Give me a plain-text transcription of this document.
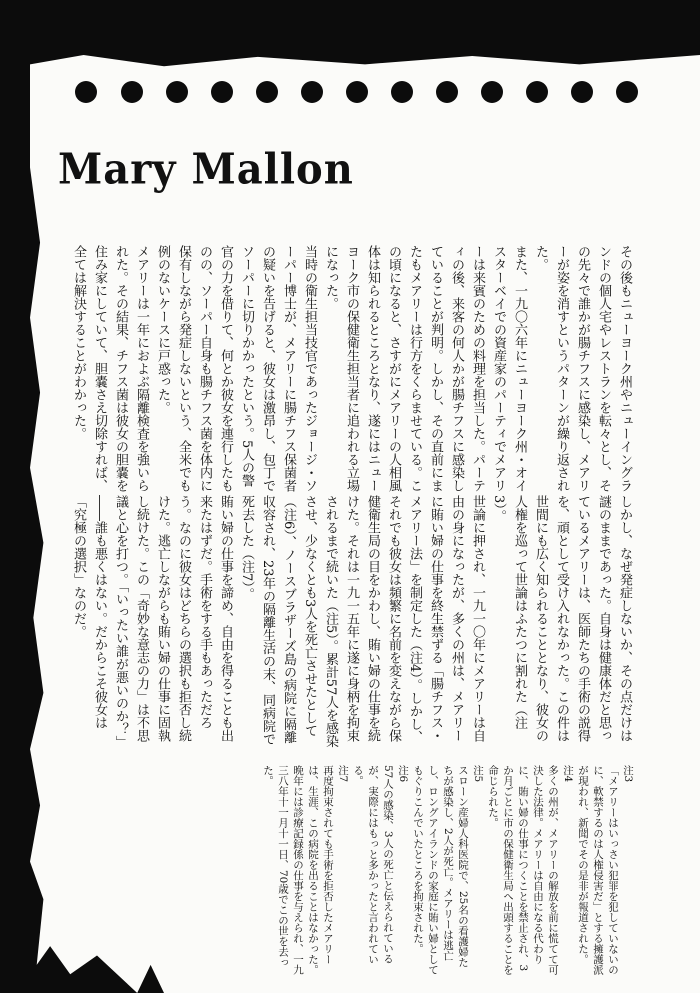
Mary Mallon

その後もニューヨーク州やニューイングランドの個人宅やレストランを転々とし、その先々で誰かが腸チフスに感染し、メアリーが姿を消すというパターンが繰り返された。

また、一九〇六年にニューヨーク州・オイスターベイでの資産家のパーティでメアリーは来賓のための料理を担当した。パーティの後、来客の何人かが腸チフスに感染していることが判明。しかし、その直前にまたもメアリーは行方をくらませている。この頃になると、さすがにメアリーの人相風体は知られるところとなり、遂にはニューヨーク市の保健衛生担当者に追われる立場になった。

当時の衛生担当技官であったジョージ・ソーパー博士が、メアリーに腸チフス保菌者の疑いを告げると、彼女は激昂し、包丁でソーパーに切りかかったという。5人の警官の力を借りて、何とか彼女を連行したものの、ソーパー自身も腸チフス菌を体内に保有しながら発症しないという、全米でも例のないケースに戸惑った。

メアリーは一年におよぶ隔離検査を強いられた。その結果、チフス菌は彼女の胆嚢を住み家にしていて、胆嚢さえ切除すれば、全ては解決することがわかった。

しかし、なぜ発症しないか、その点だけは謎のままであった。自身は健康体だと思っているメアリーは、医師たちの手術の説得を、頑として受け入れなかった。この件は世間にも広く知られることとなり、彼女の人権を巡って世論はふたつに割れた（注3）。

世論に押され、一九一〇年にメアリーは自由の身になったが、多くの州は、メアリーに賄い婦の仕事を終生禁ずる「腸チフス・メアリー法」を制定した（注4）。しかし、それでも彼女は頻繁に名前を変えながら保健衛生局の目をかわし、賄い婦の仕事を続けた。それは一九一五年に遂に身柄を拘束されるまで続いた（注5）。累計57人を感染させ、少なくとも3人を死亡させたとして（注6）、ノースブラザーズ島の病院に隔離収容され、23年の隔離生活の末、同病院で死去した（注7）。

賄い婦の仕事を諦め、自由を得ることも出来たはずだ。手術をする手もあっただろう。なのに彼女はどちらの選択も拒否し続けた。逃亡しながらも賄い婦の仕事に固執し続けた。この「奇妙な意志の力」は不思議と心を打つ。「いったい誰が悪いのか？」――誰も悪くはない。だからこそ彼女は「究極の選択」なのだ。

注3
「メアリーはいっさい犯罪を犯していないのに、軟禁するのは人権侵害だ」とする擁護派が現われ、新聞でその是非が報道された。

注4
多くの州が、メアリーの解放を前に慌てて可決した法律。メアリーは自由になる代わりに、賄い婦の仕事につくことを禁止され、3か月ごとに市の保健衛生局へ出頭することを命じられた。

注5
スローン産婦人科医院で、25名の看護婦たちが感染し、2人が死亡。メアリーは逃亡し、ロングアイランドの家庭に賄い婦としてもぐりこんでいたところを拘束された。

注6
57人の感染、3人の死亡と伝えられているが、実際にはもっと多かったと言われている。

注7
再度拘束されても手術を拒否したメアリーは、生涯、この病院を出ることはなかった。晩年には診療記録係の仕事を与えられ、一九三八年十一月十一日、70歳でこの世を去った。
